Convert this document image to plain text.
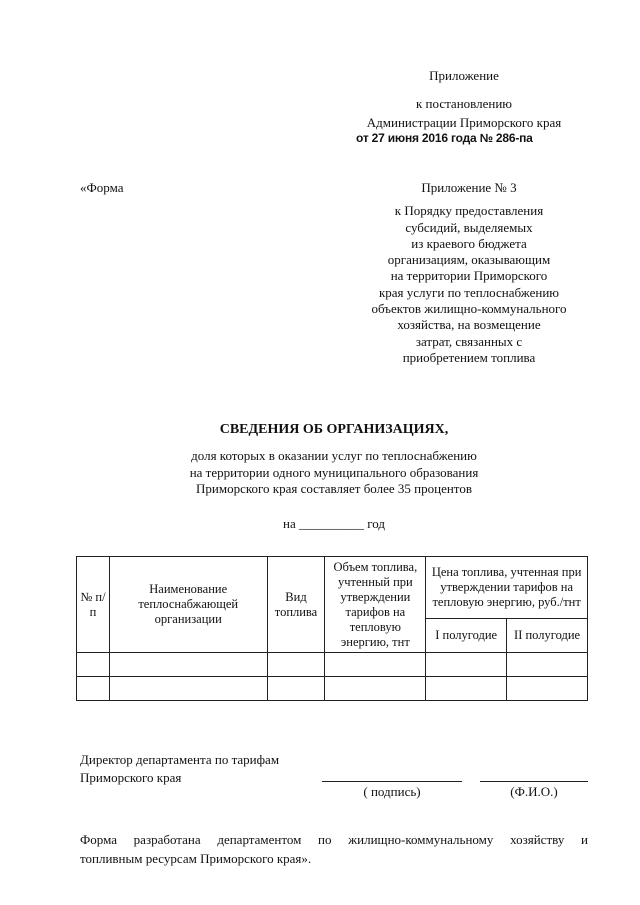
Приложение
к постановлению
Администрации Приморского края
от 27 июня 2016 года № 286-па
«Форма	Приложение № 3
к Порядку предоставления
субсидий, выделяемых
из краевого бюджета
организациям, оказывающим
на территории Приморского
края услуги по теплоснабжению
объектов жилищно-коммунального
хозяйства, на возмещение
затрат, связанных с
приобретением топлива
СВЕДЕНИЯ ОБ ОРГАНИЗАЦИЯХ,
доля которых в оказании услуг по теплоснабжению
на территории одного муниципального образования
Приморского края составляет более 35 процентов
на __________ год
№ п/п	Наименование теплоснабжающей организации	Вид топлива	Объем топлива, учтенный при утверждении тарифов на тепловую энергию, тнт	Цена топлива, учтенная при утверждении тарифов на тепловую энергию, руб./тнт	
				I полугодие	II полугодие

Директор департамента по тарифам
Приморского края
( подпись)	(Ф.И.О.)
Форма разработана департаментом по жилищно-коммунальному хозяйству и
топливным ресурсам Приморского края».
